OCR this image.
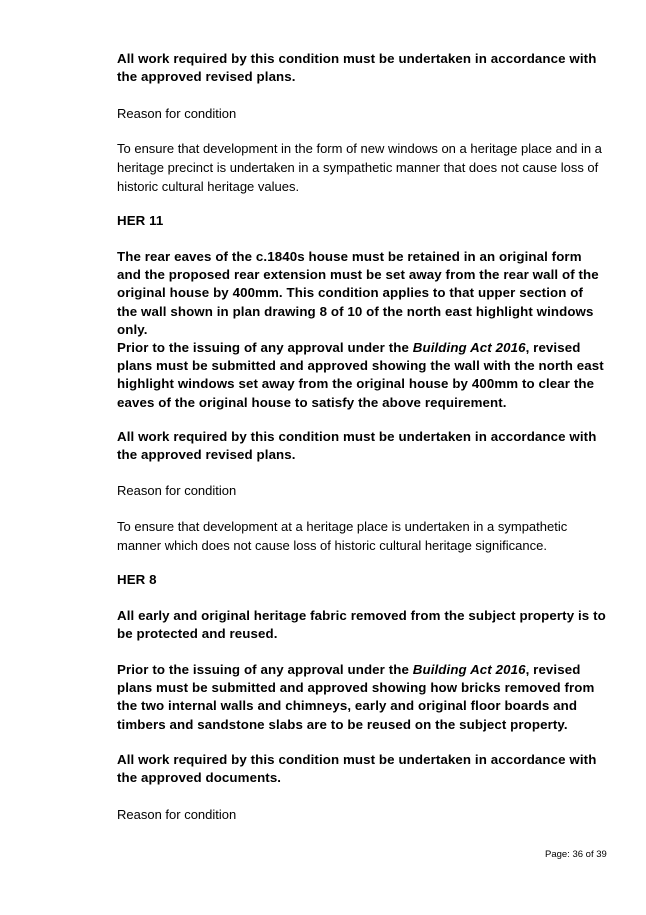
All work required by this condition must be undertaken in accordance with the approved revised plans.

Reason for condition

To ensure that development in the form of new windows on a heritage place and in a heritage precinct is undertaken in a sympathetic manner that does not cause loss of historic cultural heritage values.

HER 11

The rear eaves of the c.1840s house must be retained in an original form and the proposed rear extension must be set away from the rear wall of the original house by 400mm. This condition applies to that upper section of the wall shown in plan drawing 8 of 10 of the north east highlight windows only.

Prior to the issuing of any approval under the Building Act 2016, revised plans must be submitted and approved showing the wall with the north east highlight windows set away from the original house by 400mm to clear the eaves of the original house to satisfy the above requirement.

All work required by this condition must be undertaken in accordance with the approved revised plans.

Reason for condition

To ensure that development at a heritage place is undertaken in a sympathetic manner which does not cause loss of historic cultural heritage significance.

HER 8

All early and original heritage fabric removed from the subject property is to be protected and reused.

Prior to the issuing of any approval under the Building Act 2016, revised plans must be submitted and approved showing how bricks removed from the two internal walls and chimneys, early and original floor boards and timbers and sandstone slabs are to be reused on the subject property.

All work required by this condition must be undertaken in accordance with the approved documents.

Reason for condition

Page: 36 of 39
